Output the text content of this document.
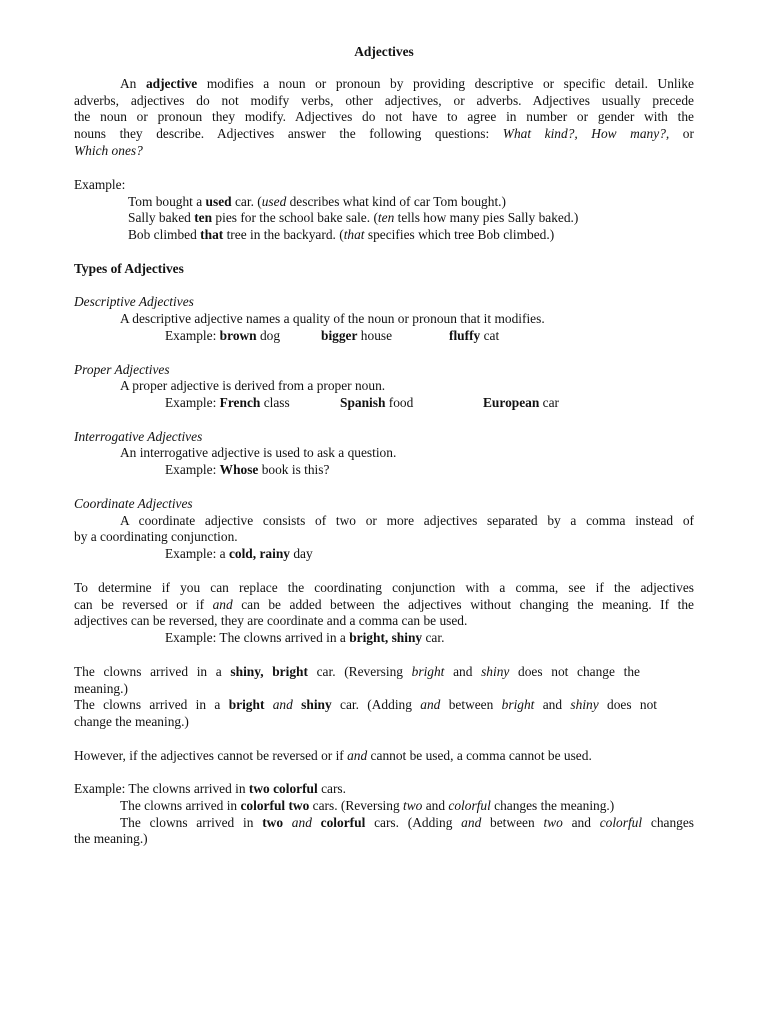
Adjectives
An adjective modifies a noun or pronoun by providing descriptive or specific detail. Unlike
adverbs, adjectives do not modify verbs, other adjectives, or adverbs. Adjectives usually precede
the noun or pronoun they modify. Adjectives do not have to agree in number or gender with the
nouns they describe. Adjectives answer the following questions: What kind?, How many?, or
Which ones?
Example:
Tom bought a used car. (used describes what kind of car Tom bought.)
Sally baked ten pies for the school bake sale. (ten tells how many pies Sally baked.)
Bob climbed that tree in the backyard. (that specifies which tree Bob climbed.)
Types of Adjectives
Descriptive Adjectives
A descriptive adjective names a quality of the noun or pronoun that it modifies.
Example: brown dog	bigger house	fluffy cat
Proper Adjectives
A proper adjective is derived from a proper noun.
Example: French class	Spanish food	European car
Interrogative Adjectives
An interrogative adjective is used to ask a question.
Example: Whose book is this?
Coordinate Adjectives
A coordinate adjective consists of two or more adjectives separated by a comma instead of
by a coordinating conjunction.
Example: a cold, rainy day
To determine if you can replace the coordinating conjunction with a comma, see if the adjectives
can be reversed or if and can be added between the adjectives without changing the meaning. If the
adjectives can be reversed, they are coordinate and a comma can be used.
Example: The clowns arrived in a bright, shiny car.
The clowns arrived in a shiny, bright car. (Reversing bright and shiny does not change the
meaning.)
The clowns arrived in a bright and shiny car. (Adding and between bright and shiny does not
change the meaning.)
However, if the adjectives cannot be reversed or if and cannot be used, a comma cannot be used.
Example: The clowns arrived in two colorful cars.
The clowns arrived in colorful two cars. (Reversing two and colorful changes the meaning.)
The clowns arrived in two and colorful cars. (Adding and between two and colorful changes
the meaning.)
